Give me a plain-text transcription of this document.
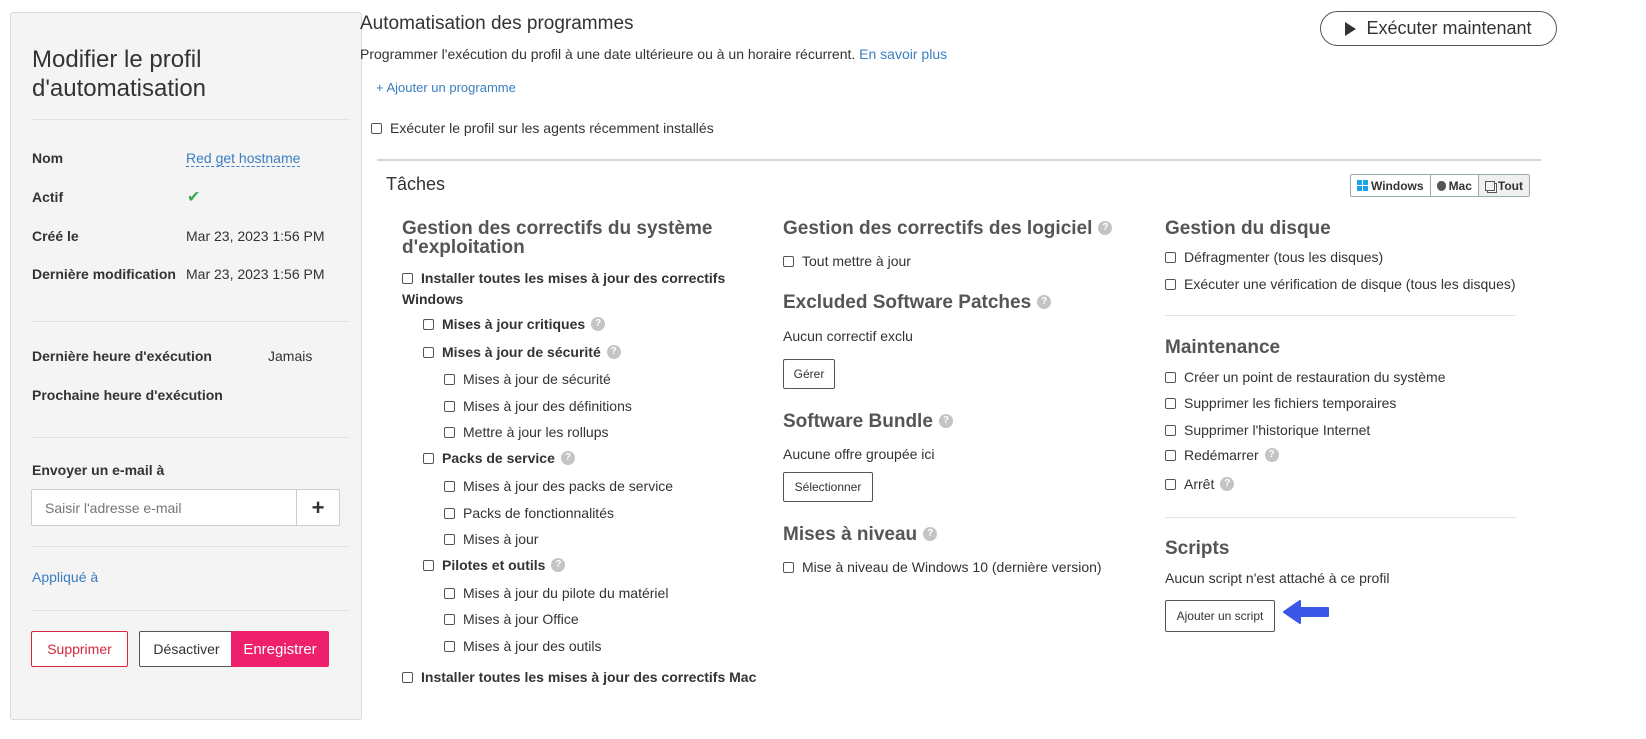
Modifier le profil d'automatisation
Nom	Red get hostname
Actif	✔
Créé le	Mar 23, 2023 1:56 PM
Dernière modification Mar 23, 2023 1:56 PM
Dernière heure d'exécution	Jamais
Prochaine heure d'exécution
Envoyer un e-mail à
Saisir l'adresse e-mail
+
Appliqué à
Supprimer	Désactiver	Enregistrer
Automatisation des programmes
Programmer l'exécution du profil à une date ultérieure ou à un horaire récurrent. En savoir plus
Exécuter maintenant
+ Ajouter un programme
Exécuter le profil sur les agents récemment installés
Tâches	Windows Mac Tout
Gestion des correctifs du système d'exploitation
Installer toutes les mises à jour des correctifs Windows
Mises à jour critiques ?
Mises à jour de sécurité ?
Mises à jour de sécurité
Mises à jour des définitions
Mettre à jour les rollups
Packs de service ?
Mises à jour des packs de service
Packs de fonctionnalités
Mises à jour
Pilotes et outils ?
Mises à jour du pilote du matériel
Mises à jour Office
Mises à jour des outils
Installer toutes les mises à jour des correctifs Mac
Gestion des correctifs des logiciel ?
Tout mettre à jour
Excluded Software Patches ?
Aucun correctif exclu
Gérer
Software Bundle ?
Aucune offre groupée ici
Sélectionner
Mises à niveau ?
Mise à niveau de Windows 10 (dernière version)
Gestion du disque
Défragmenter (tous les disques)
Exécuter une vérification de disque (tous les disques)
Maintenance
Créer un point de restauration du système
Supprimer les fichiers temporaires
Supprimer l'historique Internet
Redémarrer ?
Arrêt ?
Scripts
Aucun script n'est attaché à ce profil
Ajouter un script
